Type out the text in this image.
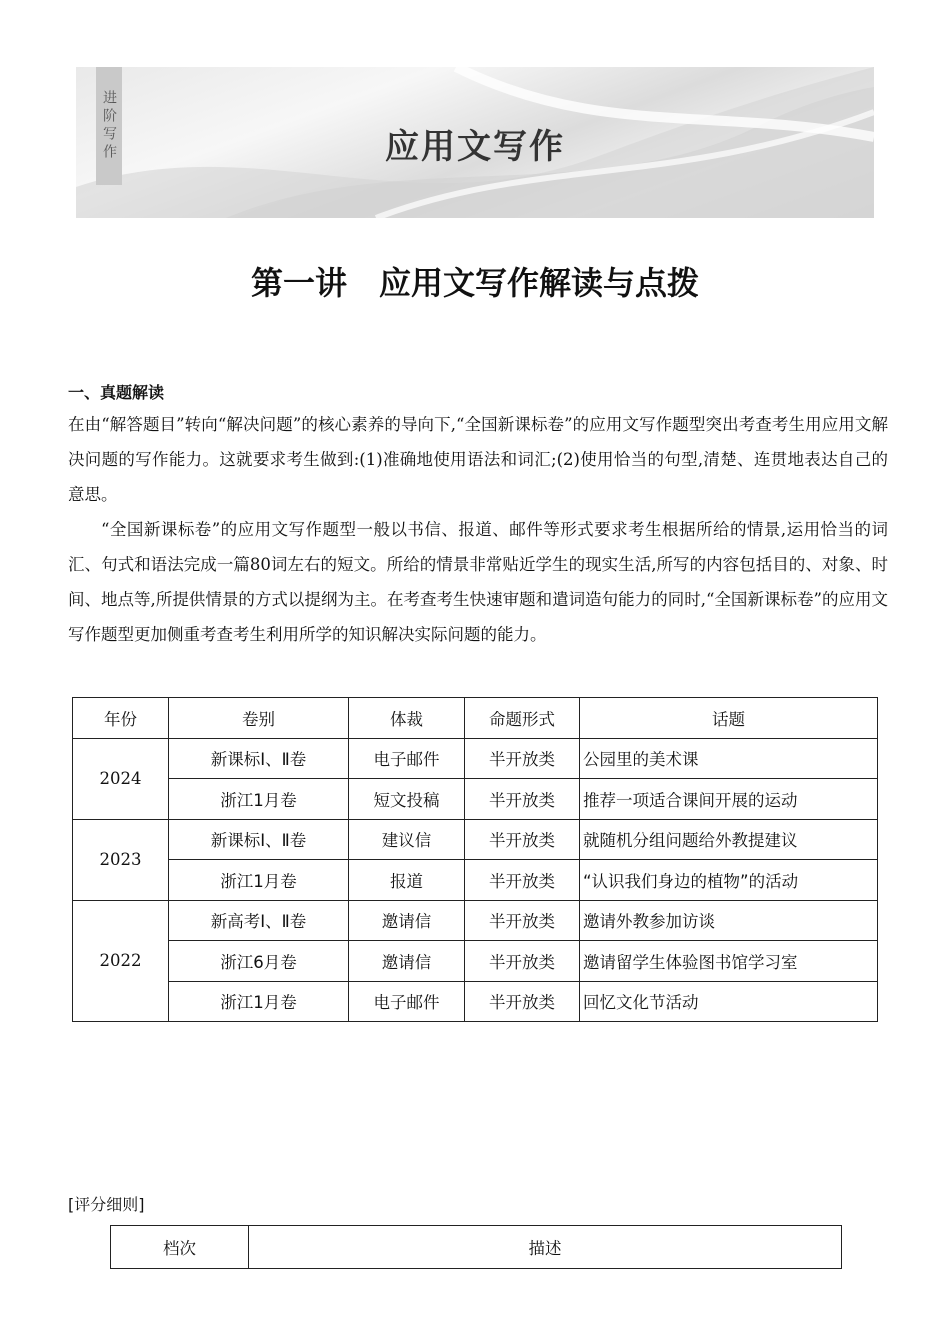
进阶写作	应用文写作
第一讲　应用文写作解读与点拨
一、真题解读
在由“解答题目”转向“解决问题”的核心素养的导向下,“全国新课标卷”的应用文写作题型突出考查考生用应用文解决问题的写作能力。这就要求考生做到:(1)准确地使用语法和词汇;(2)使用恰当的句型,清楚、连贯地表达自己的意思。
“全国新课标卷”的应用文写作题型一般以书信、报道、邮件等形式要求考生根据所给的情景,运用恰当的词汇、句式和语法完成一篇80词左右的短文。所给的情景非常贴近学生的现实生活,所写的内容包括目的、对象、时间、地点等,所提供情景的方式以提纲为主。在考查考生快速审题和遣词造句能力的同时,“全国新课标卷”的应用文写作题型更加侧重考查考生利用所学的知识解决实际问题的能力。
年份	卷别	体裁	命题形式	话题
2024	新课标Ⅰ、Ⅱ卷	电子邮件	半开放类	公园里的美术课
	浙江1月卷	短文投稿	半开放类	推荐一项适合课间开展的运动
2023	新课标Ⅰ、Ⅱ卷	建议信	半开放类	就随机分组问题给外教提建议
	浙江1月卷	报道	半开放类	“认识我们身边的植物”的活动
2022	新高考Ⅰ、Ⅱ卷	邀请信	半开放类	邀请外教参加访谈
	浙江6月卷	邀请信	半开放类	邀请留学生体验图书馆学习室
	浙江1月卷	电子邮件	半开放类	回忆文化节活动
[评分细则]
档次	描述
